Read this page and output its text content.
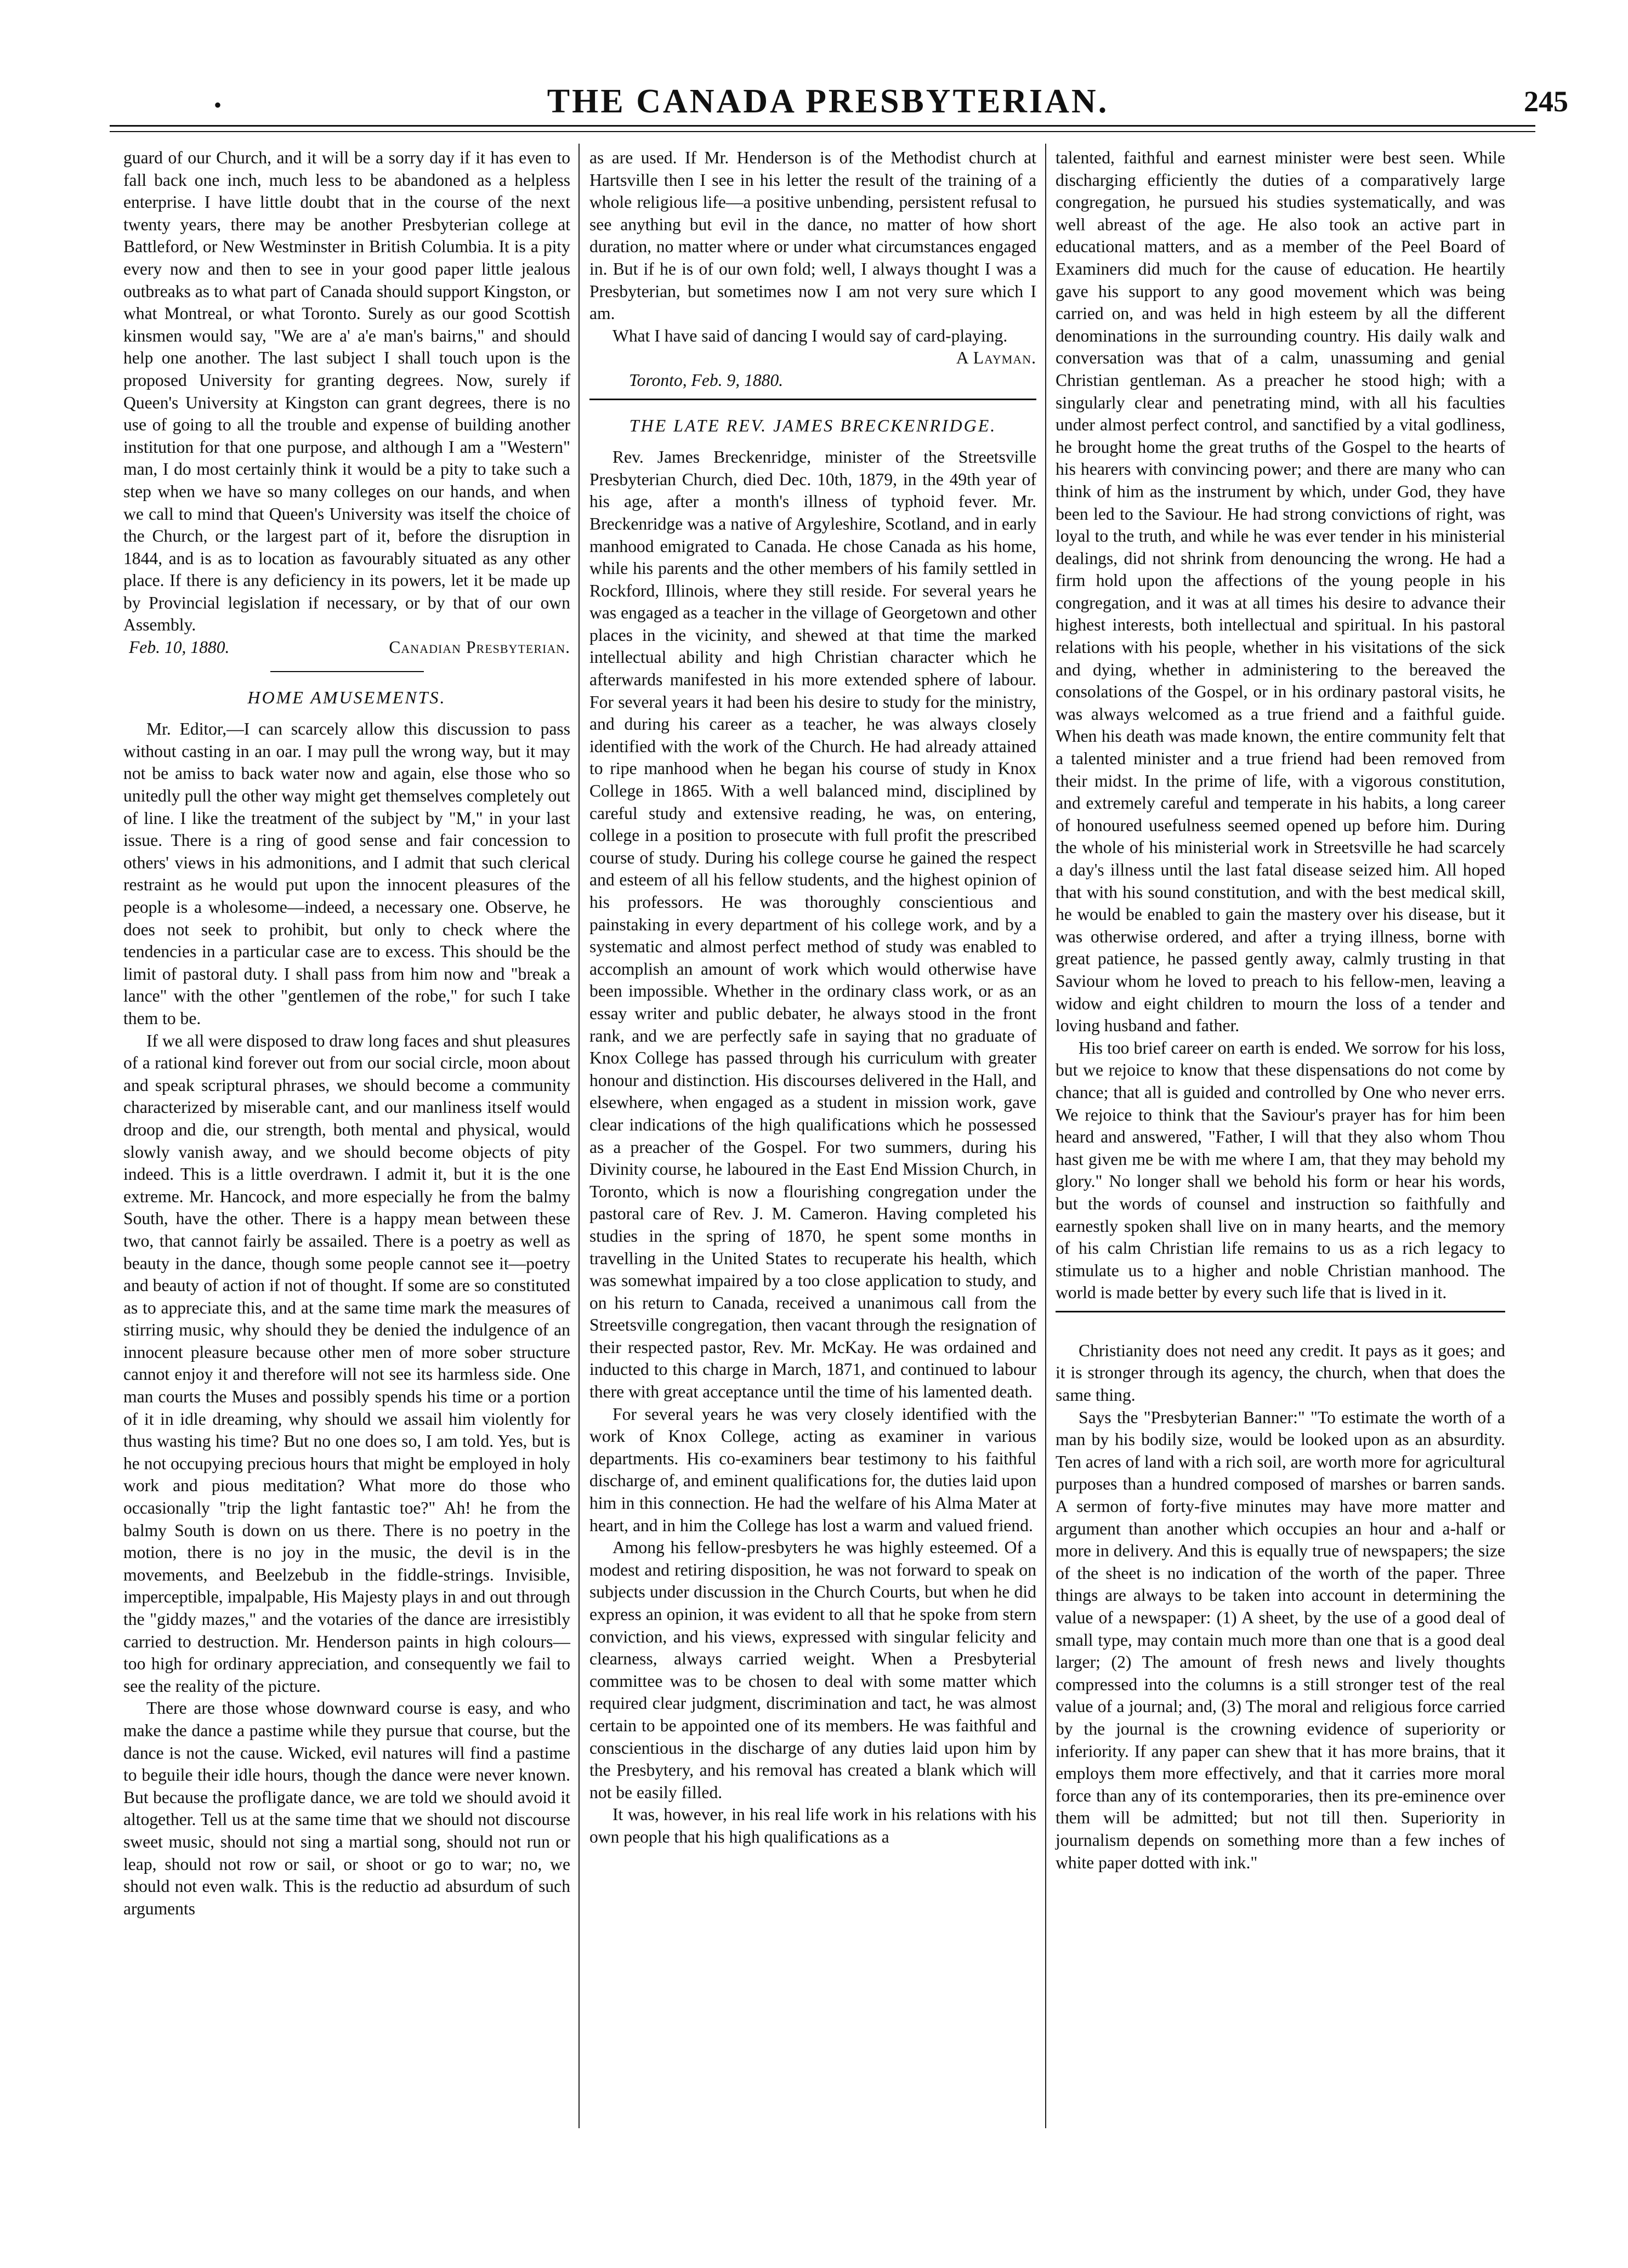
•	THE CANADA PRESBYTERIAN.	245

guard of our Church, and it will be a sorry day if it has even to fall back one inch, much less to be abandoned as a helpless enterprise. I have little doubt that in the course of the next twenty years, there may be another Presbyterian college at Battleford, or New Westminster in British Columbia. It is a pity every now and then to see in your good paper little jealous outbreaks as to what part of Canada should support Kingston, or what Montreal, or what Toronto. Surely as our good Scottish kinsmen would say, "We are a' a'e man's bairns," and should help one another. The last subject I shall touch upon is the proposed University for granting degrees. Now, surely if Queen's University at Kingston can grant degrees, there is no use of going to all the trouble and expense of building another institution for that one purpose, and although I am a "Western" man, I do most certainly think it would be a pity to take such a step when we have so many colleges on our hands, and when we call to mind that Queen's University was itself the choice of the Church, or the largest part of it, before the disruption in 1844, and is as to location as favourably situated as any other place. If there is any deficiency in its powers, let it be made up by Provincial legislation if necessary, or by that of our own Assembly.

Feb. 10, 1880.	Canadian Presbyterian.
HOME AMUSEMENTS.

Mr. Editor,—I can scarcely allow this discussion to pass without casting in an oar. I may pull the wrong way, but it may not be amiss to back water now and again, else those who so unitedly pull the other way might get themselves completely out of line. I like the treatment of the subject by "M," in your last issue. There is a ring of good sense and fair concession to others' views in his admonitions, and I admit that such clerical restraint as he would put upon the innocent pleasures of the people is a wholesome—indeed, a necessary one. Observe, he does not seek to prohibit, but only to check where the tendencies in a particular case are to excess. This should be the limit of pastoral duty. I shall pass from him now and "break a lance" with the other "gentlemen of the robe," for such I take them to be.

If we all were disposed to draw long faces and shut pleasures of a rational kind forever out from our social circle, moon about and speak scriptural phrases, we should become a community characterized by miserable cant, and our manliness itself would droop and die, our strength, both mental and physical, would slowly vanish away, and we should become objects of pity indeed. This is a little overdrawn. I admit it, but it is the one extreme. Mr. Hancock, and more especially he from the balmy South, have the other. There is a happy mean between these two, that cannot fairly be assailed. There is a poetry as well as beauty in the dance, though some people cannot see it—poetry and beauty of action if not of thought. If some are so constituted as to appreciate this, and at the same time mark the measures of stirring music, why should they be denied the indulgence of an innocent pleasure because other men of more sober structure cannot enjoy it and therefore will not see its harmless side. One man courts the Muses and possibly spends his time or a portion of it in idle dreaming, why should we assail him violently for thus wasting his time? But no one does so, I am told. Yes, but is he not occupying precious hours that might be employed in holy work and pious meditation? What more do those who occasionally "trip the light fantastic toe?" Ah! he from the balmy South is down on us there. There is no poetry in the motion, there is no joy in the music, the devil is in the movements, and Beelzebub in the fiddle-strings. Invisible, imperceptible, impalpable, His Majesty plays in and out through the "giddy mazes," and the votaries of the dance are irresistibly carried to destruction. Mr. Henderson paints in high colours—too high for ordinary appreciation, and consequently we fail to see the reality of the picture.

There are those whose downward course is easy, and who make the dance a pastime while they pursue that course, but the dance is not the cause. Wicked, evil natures will find a pastime to beguile their idle hours, though the dance were never known. But because the profligate dance, we are told we should avoid it altogether. Tell us at the same time that we should not discourse sweet music, should not sing a martial song, should not run or leap, should not row or sail, or shoot or go to war; no, we should not even walk. This is the reductio ad absurdum of such arguments

as are used. If Mr. Henderson is of the Methodist church at Hartsville then I see in his letter the result of the training of a whole religious life—a positive unbending, persistent refusal to see anything but evil in the dance, no matter of how short duration, no matter where or under what circumstances engaged in. But if he is of our own fold; well, I always thought I was a Presbyterian, but sometimes now I am not very sure which I am.

What I have said of dancing I would say of card-playing.

A Layman.

Toronto, Feb. 9, 1880.

THE LATE REV. JAMES BRECKENRIDGE.

Rev. James Breckenridge, minister of the Streetsville Presbyterian Church, died Dec. 10th, 1879, in the 49th year of his age, after a month's illness of typhoid fever. Mr. Breckenridge was a native of Argyleshire, Scotland, and in early manhood emigrated to Canada. He chose Canada as his home, while his parents and the other members of his family settled in Rockford, Illinois, where they still reside. For several years he was engaged as a teacher in the village of Georgetown and other places in the vicinity, and shewed at that time the marked intellectual ability and high Christian character which he afterwards manifested in his more extended sphere of labour. For several years it had been his desire to study for the ministry, and during his career as a teacher, he was always closely identified with the work of the Church. He had already attained to ripe manhood when he began his course of study in Knox College in 1865. With a well balanced mind, disciplined by careful study and extensive reading, he was, on entering, college in a position to prosecute with full profit the prescribed course of study. During his college course he gained the respect and esteem of all his fellow students, and the highest opinion of his professors. He was thoroughly conscientious and painstaking in every department of his college work, and by a systematic and almost perfect method of study was enabled to accomplish an amount of work which would otherwise have been impossible. Whether in the ordinary class work, or as an essay writer and public debater, he always stood in the front rank, and we are perfectly safe in saying that no graduate of Knox College has passed through his curriculum with greater honour and distinction. His discourses delivered in the Hall, and elsewhere, when engaged as a student in mission work, gave clear indications of the high qualifications which he possessed as a preacher of the Gospel. For two summers, during his Divinity course, he laboured in the East End Mission Church, in Toronto, which is now a flourishing congregation under the pastoral care of Rev. J. M. Cameron. Having completed his studies in the spring of 1870, he spent some months in travelling in the United States to recuperate his health, which was somewhat impaired by a too close application to study, and on his return to Canada, received a unanimous call from the Streetsville congregation, then vacant through the resignation of their respected pastor, Rev. Mr. McKay. He was ordained and inducted to this charge in March, 1871, and continued to labour there with great acceptance until the time of his lamented death.

For several years he was very closely identified with the work of Knox College, acting as examiner in various departments. His co-examiners bear testimony to his faithful discharge of, and eminent qualifications for, the duties laid upon him in this connection. He had the welfare of his Alma Mater at heart, and in him the College has lost a warm and valued friend.

Among his fellow-presbyters he was highly esteemed. Of a modest and retiring disposition, he was not forward to speak on subjects under discussion in the Church Courts, but when he did express an opinion, it was evident to all that he spoke from stern conviction, and his views, expressed with singular felicity and clearness, always carried weight. When a Presbyterial committee was to be chosen to deal with some matter which required clear judgment, discrimination and tact, he was almost certain to be appointed one of its members. He was faithful and conscientious in the discharge of any duties laid upon him by the Presbytery, and his removal has created a blank which will not be easily filled.

It was, however, in his real life work in his relations with his own people that his high qualifications as a

talented, faithful and earnest minister were best seen. While discharging efficiently the duties of a comparatively large congregation, he pursued his studies systematically, and was well abreast of the age. He also took an active part in educational matters, and as a member of the Peel Board of Examiners did much for the cause of education. He heartily gave his support to any good movement which was being carried on, and was held in high esteem by all the different denominations in the surrounding country. His daily walk and conversation was that of a calm, unassuming and genial Christian gentleman. As a preacher he stood high; with a singularly clear and penetrating mind, with all his faculties under almost perfect control, and sanctified by a vital godliness, he brought home the great truths of the Gospel to the hearts of his hearers with convincing power; and there are many who can think of him as the instrument by which, under God, they have been led to the Saviour. He had strong convictions of right, was loyal to the truth, and while he was ever tender in his ministerial dealings, did not shrink from denouncing the wrong. He had a firm hold upon the affections of the young people in his congregation, and it was at all times his desire to advance their highest interests, both intellectual and spiritual. In his pastoral relations with his people, whether in his visitations of the sick and dying, whether in administering to the bereaved the consolations of the Gospel, or in his ordinary pastoral visits, he was always welcomed as a true friend and a faithful guide. When his death was made known, the entire community felt that a talented minister and a true friend had been removed from their midst. In the prime of life, with a vigorous constitution, and extremely careful and temperate in his habits, a long career of honoured usefulness seemed opened up before him. During the whole of his ministerial work in Streetsville he had scarcely a day's illness until the last fatal disease seized him. All hoped that with his sound constitution, and with the best medical skill, he would be enabled to gain the mastery over his disease, but it was otherwise ordered, and after a trying illness, borne with great patience, he passed gently away, calmly trusting in that Saviour whom he loved to preach to his fellow-men, leaving a widow and eight children to mourn the loss of a tender and loving husband and father.

His too brief career on earth is ended. We sorrow for his loss, but we rejoice to know that these dispensations do not come by chance; that all is guided and controlled by One who never errs. We rejoice to think that the Saviour's prayer has for him been heard and answered, "Father, I will that they also whom Thou hast given me be with me where I am, that they may behold my glory." No longer shall we behold his form or hear his words, but the words of counsel and instruction so faithfully and earnestly spoken shall live on in many hearts, and the memory of his calm Christian life remains to us as a rich legacy to stimulate us to a higher and noble Christian manhood. The world is made better by every such life that is lived in it.

Christianity does not need any credit. It pays as it goes; and it is stronger through its agency, the church, when that does the same thing.

Says the "Presbyterian Banner:" "To estimate the worth of a man by his bodily size, would be looked upon as an absurdity. Ten acres of land with a rich soil, are worth more for agricultural purposes than a hundred composed of marshes or barren sands. A sermon of forty-five minutes may have more matter and argument than another which occupies an hour and a-half or more in delivery. And this is equally true of newspapers; the size of the sheet is no indication of the worth of the paper. Three things are always to be taken into account in determining the value of a newspaper: (1) A sheet, by the use of a good deal of small type, may contain much more than one that is a good deal larger; (2) The amount of fresh news and lively thoughts compressed into the columns is a still stronger test of the real value of a journal; and, (3) The moral and religious force carried by the journal is the crowning evidence of superiority or inferiority. If any paper can shew that it has more brains, that it employs them more effectively, and that it carries more moral force than any of its contemporaries, then its pre-eminence over them will be admitted; but not till then. Superiority in journalism depends on something more than a few inches of white paper dotted with ink."
